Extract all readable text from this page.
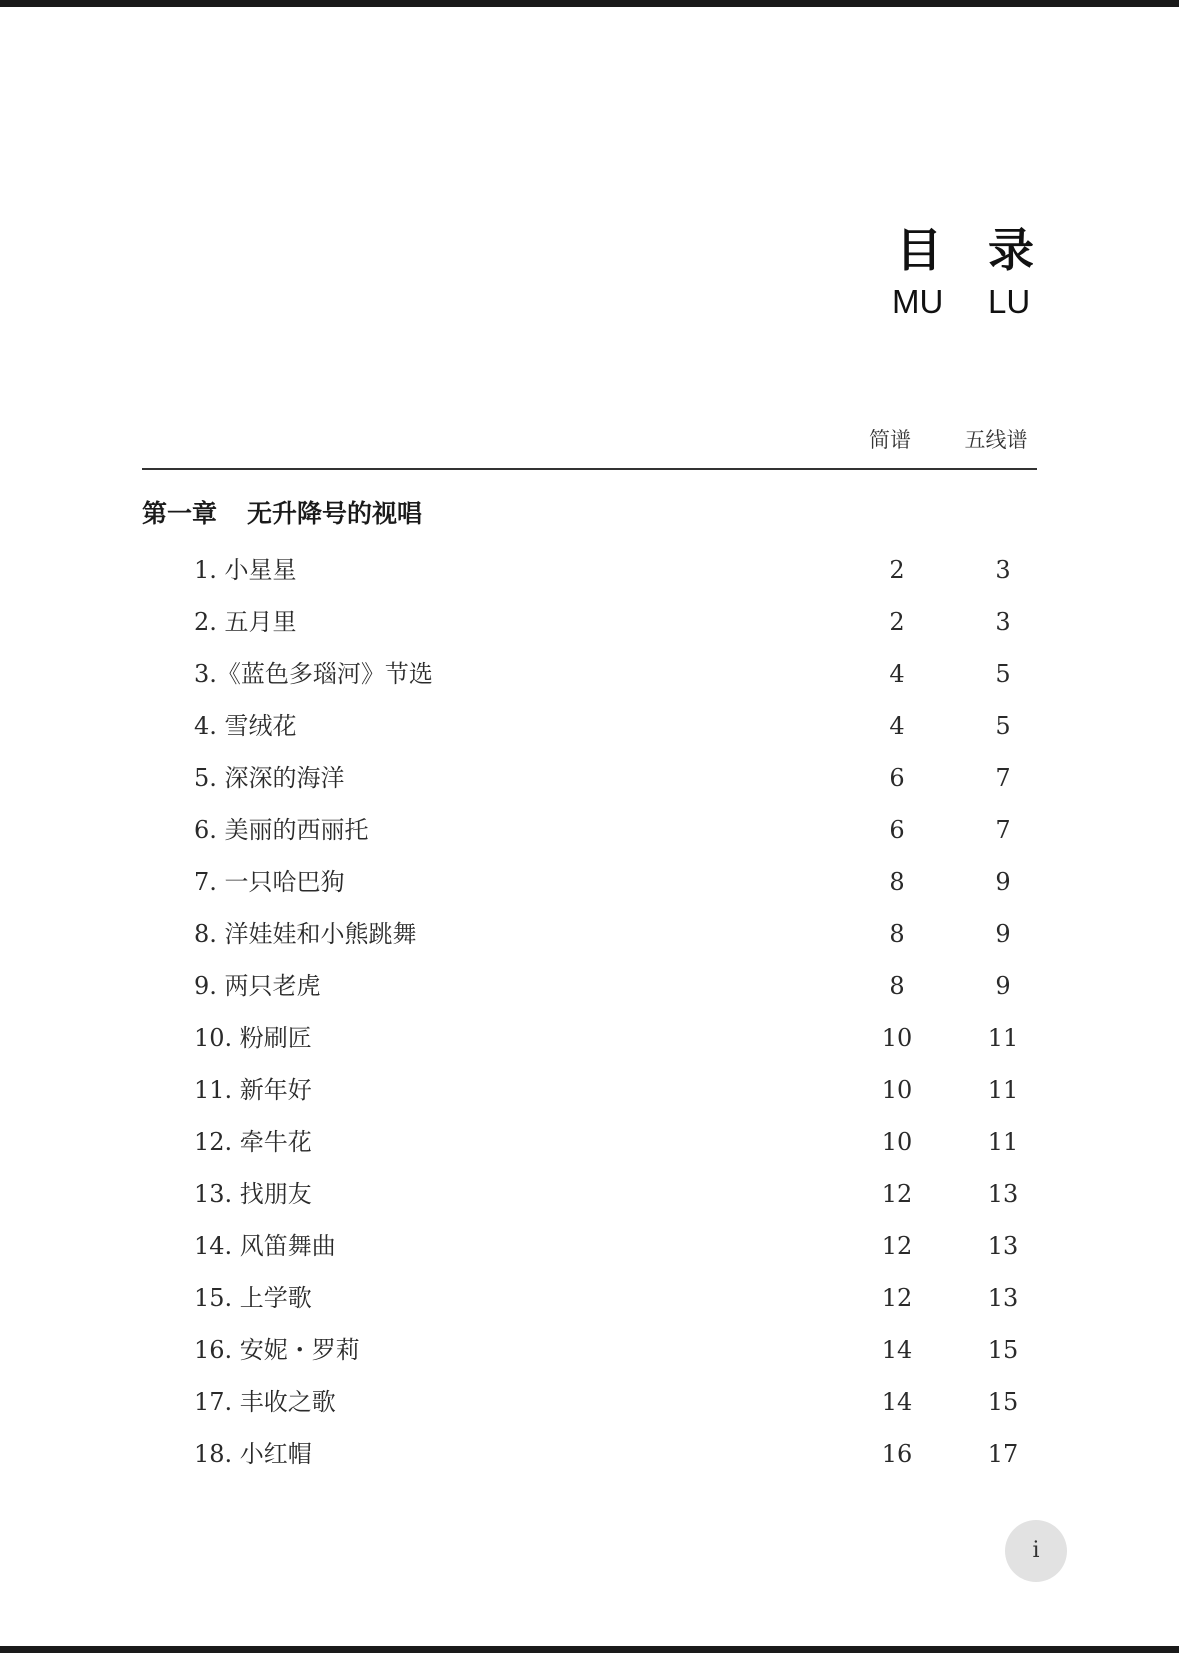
目 录
MU LU
简谱	五线谱
第一章 无升降号的视唱
1. 小星星	2	3
2. 五月里	2	3
3.《蓝色多瑙河》节选	4	5
4. 雪绒花	4	5
5. 深深的海洋	6	7
6. 美丽的西丽托	6	7
7. 一只哈巴狗	8	9
8. 洋娃娃和小熊跳舞	8	9
9. 两只老虎	8	9
10. 粉刷匠	10	11
11. 新年好	10	11
12. 牵牛花	10	11
13. 找朋友	12	13
14. 风笛舞曲	12	13
15. 上学歌	12	13
16. 安妮・罗莉	14	15
17. 丰收之歌	14	15
18. 小红帽	16	17
i
